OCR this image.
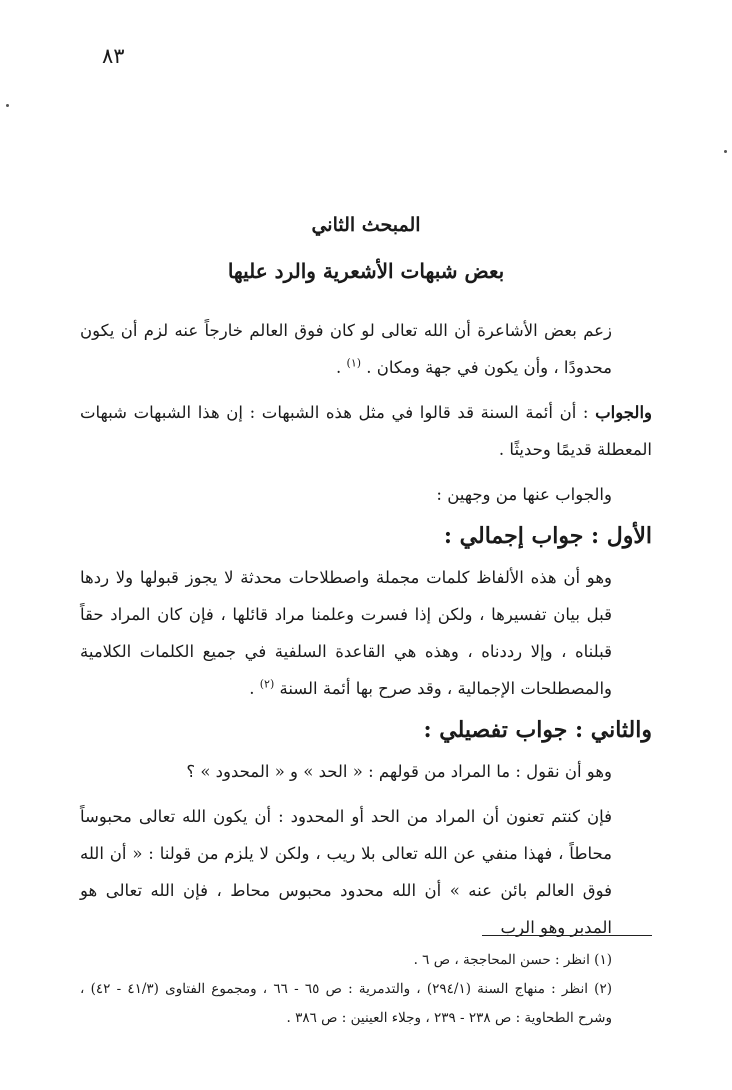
٨٣
المبحث الثاني
بعض شبهات الأشعرية والرد عليها

زعم بعض الأشاعرة أن الله تعالى لو كان فوق العالم خارجاً عنه لزم أن يكون محدودًا ، وأن يكون في جهة ومكان . $^{(١)}$ .

والجواب : أن أئمة السنة قد قالوا في مثل هذه الشبهات : إن هذا الشبهات شبهات المعطلة قديمًا وحديثًا .

والجواب عنها من وجهين :

الأول : جواب إجمالي :

وهو أن هذه الألفاظ كلمات مجملة واصطلاحات محدثة لا يجوز قبولها ولا ردها قبل بيان تفسيرها ، ولكن إذا فسرت وعلمنا مراد قائلها ، فإن كان المراد حقاً قبلناه ، وإلا رددناه ، وهذه هي القاعدة السلفية في جميع الكلمات الكلامية والمصطلحات الإجمالية ، وقد صرح بها أئمة السنة $^{(٢)}$ .

والثاني : جواب تفصيلي :

وهو أن نقول : ما المراد من قولهم : « الحد » و « المحدود » ؟

فإن كنتم تعنون أن المراد من الحد أو المحدود : أن يكون الله تعالى محبوساً محاطاً ، فهذا منفي عن الله تعالى بلا ريب ، ولكن لا يلزم من قولنا : « أن الله فوق العالم بائن عنه » أن الله محدود محبوس محاط ، فإن الله تعالى هو المدبر وهو الرب

(١) انظر : حسن المحاججة ، ص ٦ .

(٢) انظر : منهاج السنة (٢٩٤/١) ، والتدمرية : ص ٦٥ - ٦٦ ، ومجموع الفتاوى (٤١/٣ - ٤٢) ، وشرح الطحاوية : ص ٢٣٨ - ٢٣٩ ، وجلاء العينين : ص ٣٨٦ .
